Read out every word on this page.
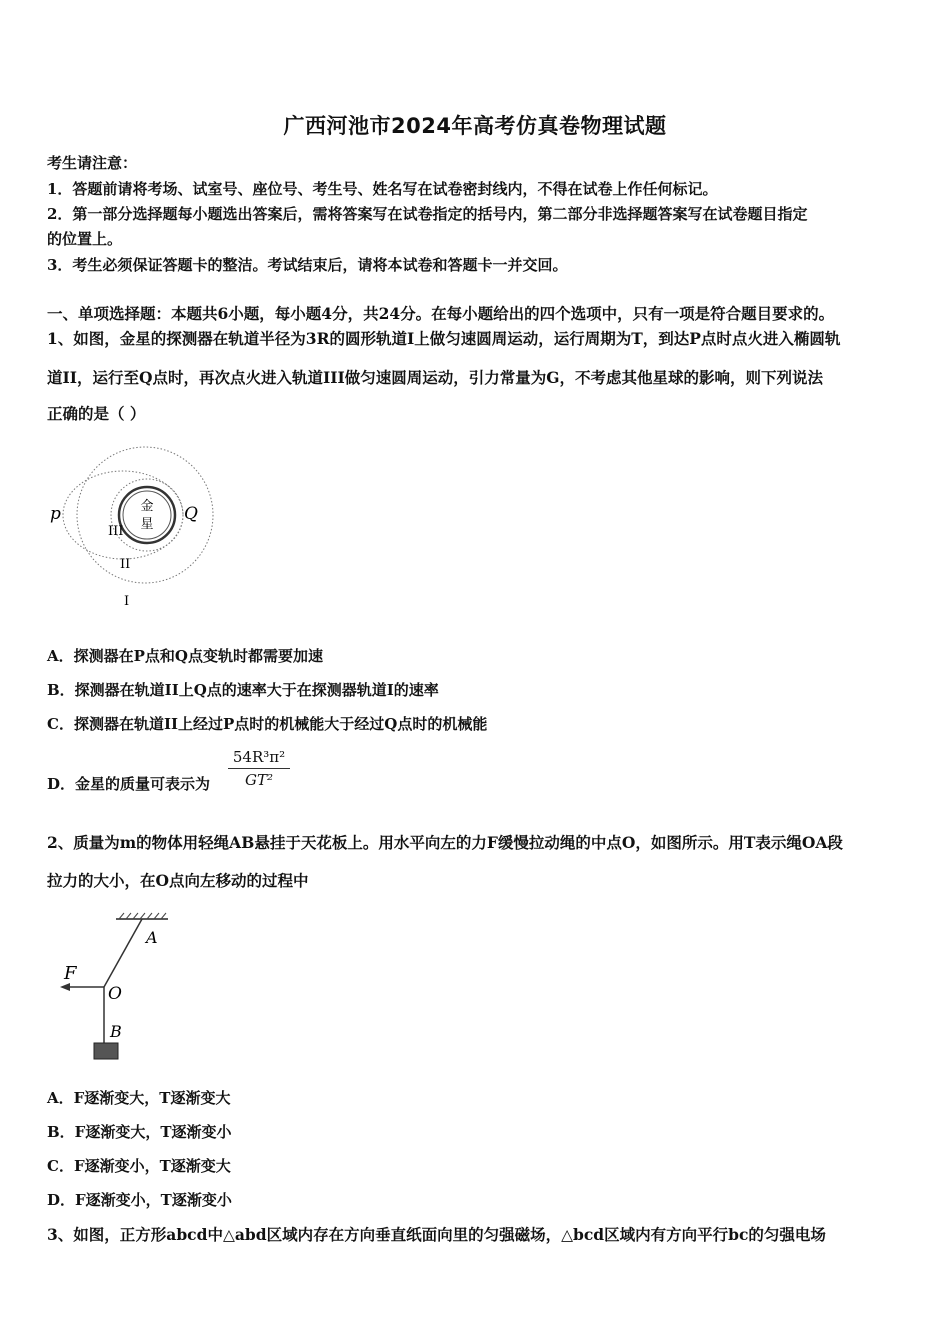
广西河池市2024年高考仿真卷物理试题
考生请注意：
1．答题前请将考场、试室号、座位号、考生号、姓名写在试卷密封线内，不得在试卷上作任何标记。
2．第一部分选择题每小题选出答案后，需将答案写在试卷指定的括号内，第二部分非选择题答案写在试卷题目指定
的位置上。
3．考生必须保证答题卡的整洁。考试结束后，请将本试卷和答题卡一并交回。
一、单项选择题：本题共6小题，每小题4分，共24分。在每小题给出的四个选项中，只有一项是符合题目要求的。
1、如图，金星的探测器在轨道半径为3R的圆形轨道I上做匀速圆周运动，运行周期为T，到达P点时点火进入椭圆轨
道II，运行至Q点时，再次点火进入轨道III做匀速圆周运动，引力常量为G，不考虑其他星球的影响，则下列说法
正确的是（ ）
金
星
p	Q
III
II
I
A．探测器在P点和Q点变轨时都需要加速
B．探测器在轨道II上Q点的速率大于在探测器轨道I的速率
C．探测器在轨道II上经过P点时的机械能大于经过Q点时的机械能
D．金星的质量可表示为
54R³π²
GT²
2、质量为m的物体用轻绳AB悬挂于天花板上。用水平向左的力F缓慢拉动绳的中点O，如图所示。用T表示绳OA段
拉力的大小，在O点向左移动的过程中
A
F
O
B
A．F逐渐变大，T逐渐变大
B．F逐渐变大，T逐渐变小
C．F逐渐变小，T逐渐变大
D．F逐渐变小，T逐渐变小
3、如图，正方形abcd中△abd区域内存在方向垂直纸面向里的匀强磁场，△bcd区域内有方向平行bc的匀强电场
